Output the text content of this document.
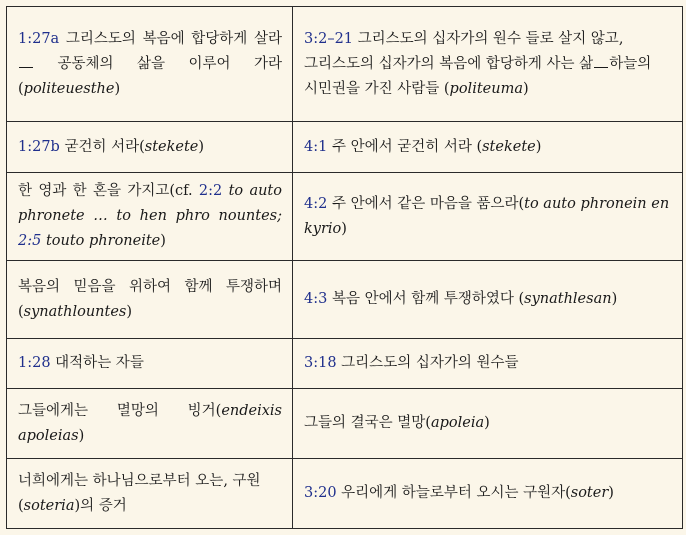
1:27a 그리스도의 복음에 합당하게 살라 공동체의 삶을 이루어 가라(politeuesthe)	3:2–21 그리스도의 십자가의 원수 들로 살지 않고, 그리스도의 십자가의 복음에 합당하게 사는 삶 하늘의 시민권을 가진 사람들 (politeuma)
1:27b 굳건히 서라(stekete)	4:1 주 안에서 굳건히 서라 (stekete)
한 영과 한 혼을 가지고(cf. 2:2 to auto phronete … to hen phro nountes; 2:5 touto phroneite)	4:2 주 안에서 같은 마음을 품으라(to auto phronein en kyrio)
복음의 믿음을 위하여 함께 투쟁하며(synathlountes)	4:3 복음 안에서 함께 투쟁하였다 (synathlesan)
1:28 대적하는 자들	3:18 그리스도의 십자가의 원수들
그들에게는 멸망의 빙거(endeixis apoleias)	그들의 결국은 멸망(apoleia)
너희에게는 하나님으로부터 오는, 구원(soteria)의 증거	3:20 우리에게 하늘로부터 오시는 구원자(soter)
